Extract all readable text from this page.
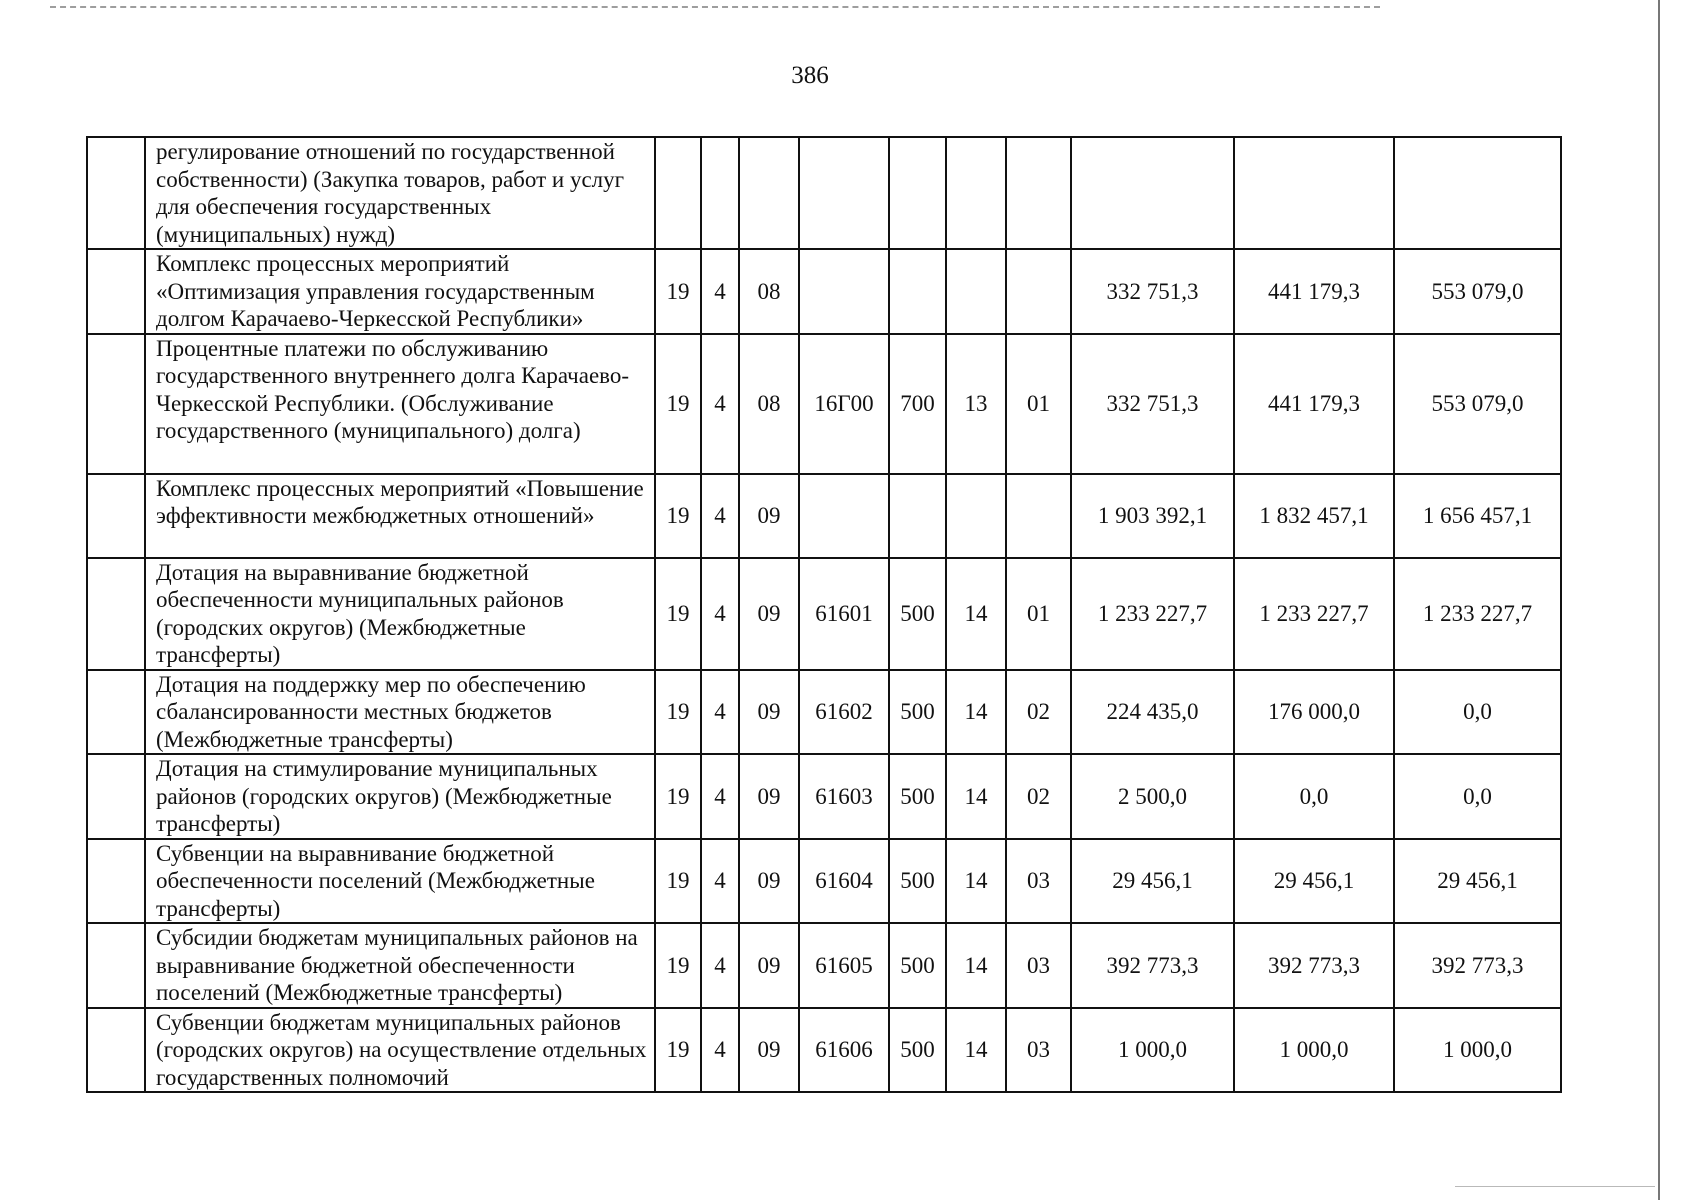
386
	регулирование отношений по государственной собственности) (Закупка товаров, работ и услуг для обеспечения государственных (муниципальных) нужд)										
	Комплекс процессных мероприятий «Оптимизация управления государственным долгом Карачаево-Черкесской Республики»	19	4	08					332 751,3	441 179,3	553 079,0
	Процентные платежи по обслуживанию государственного внутреннего долга Карачаево-Черкесской Республики. (Обслуживание государственного (муниципального) долга)	19	4	08	16Г00	700	13	01	332 751,3	441 179,3	553 079,0
	Комплекс процессных мероприятий «Повышение эффективности межбюджетных отношений»	19	4	09					1 903 392,1	1 832 457,1	1 656 457,1
	Дотация на выравнивание бюджетной обеспеченности муниципальных районов (городских округов) (Межбюджетные трансферты)	19	4	09	61601	500	14	01	1 233 227,7	1 233 227,7	1 233 227,7
	Дотация на поддержку мер по обеспечению сбалансированности местных бюджетов (Межбюджетные трансферты)	19	4	09	61602	500	14	02	224 435,0	176 000,0	0,0
	Дотация на стимулирование муниципальных районов (городских округов) (Межбюджетные трансферты)	19	4	09	61603	500	14	02	2 500,0	0,0	0,0
	Субвенции на выравнивание бюджетной обеспеченности поселений (Межбюджетные трансферты)	19	4	09	61604	500	14	03	29 456,1	29 456,1	29 456,1
	Субсидии бюджетам муниципальных районов на выравнивание бюджетной обеспеченности поселений (Межбюджетные трансферты)	19	4	09	61605	500	14	03	392 773,3	392 773,3	392 773,3
	Субвенции бюджетам муниципальных районов (городских округов) на осуществление отдельных государственных полномочий	19	4	09	61606	500	14	03	1 000,0	1 000,0	1 000,0
